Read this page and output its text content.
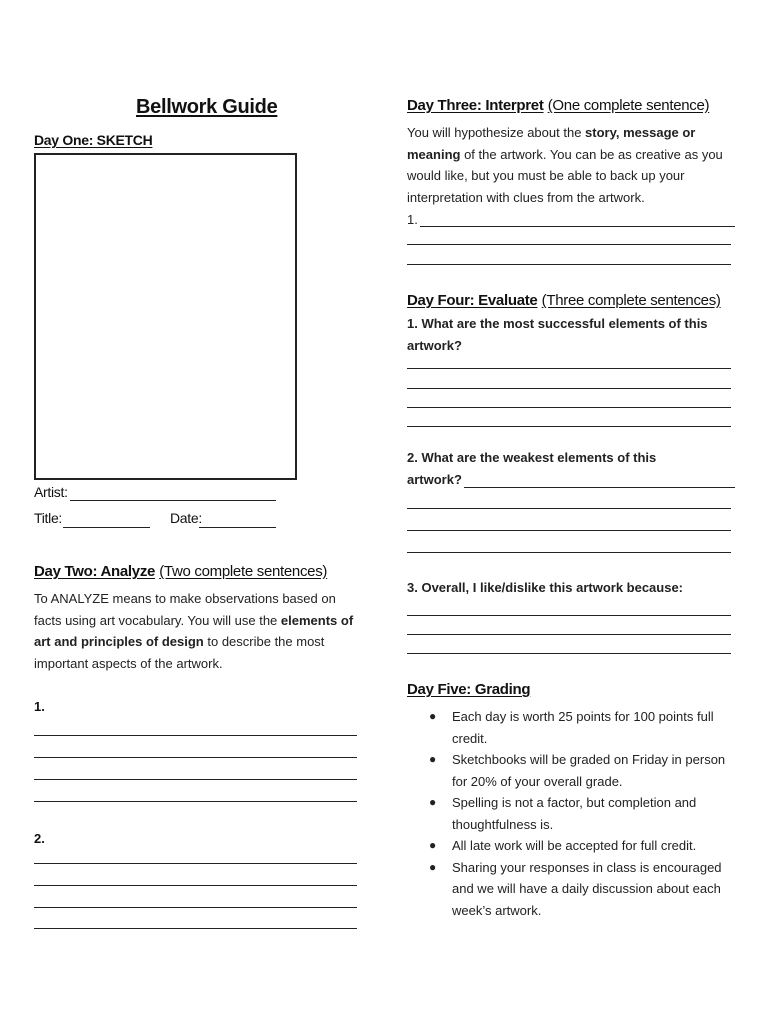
Bellwork Guide
Day One: SKETCH
Artist:
Title:	Date:
Day Two: Analyze (Two complete sentences)
To ANALYZE means to make observations based on facts using art vocabulary. You will use the elements of art and principles of design to describe the most important aspects of the artwork.
1.
2.
Day Three: Interpret (One complete sentence)
You will hypothesize about the story, message or meaning of the artwork. You can be as creative as you would like, but you must be able to back up your interpretation with clues from the artwork.
1.
Day Four: Evaluate (Three complete sentences)
1. What are the most successful elements of this artwork?
2. What are the weakest elements of this artwork?
3. Overall, I like/dislike this artwork because:
Day Five: Grading
● Each day is worth 25 points for 100 points full credit.
● Sketchbooks will be graded on Friday in person for 20% of your overall grade.
● Spelling is not a factor, but completion and thoughtfulness is.
● All late work will be accepted for full credit.
● Sharing your responses in class is encouraged and we will have a daily discussion about each week’s artwork.
